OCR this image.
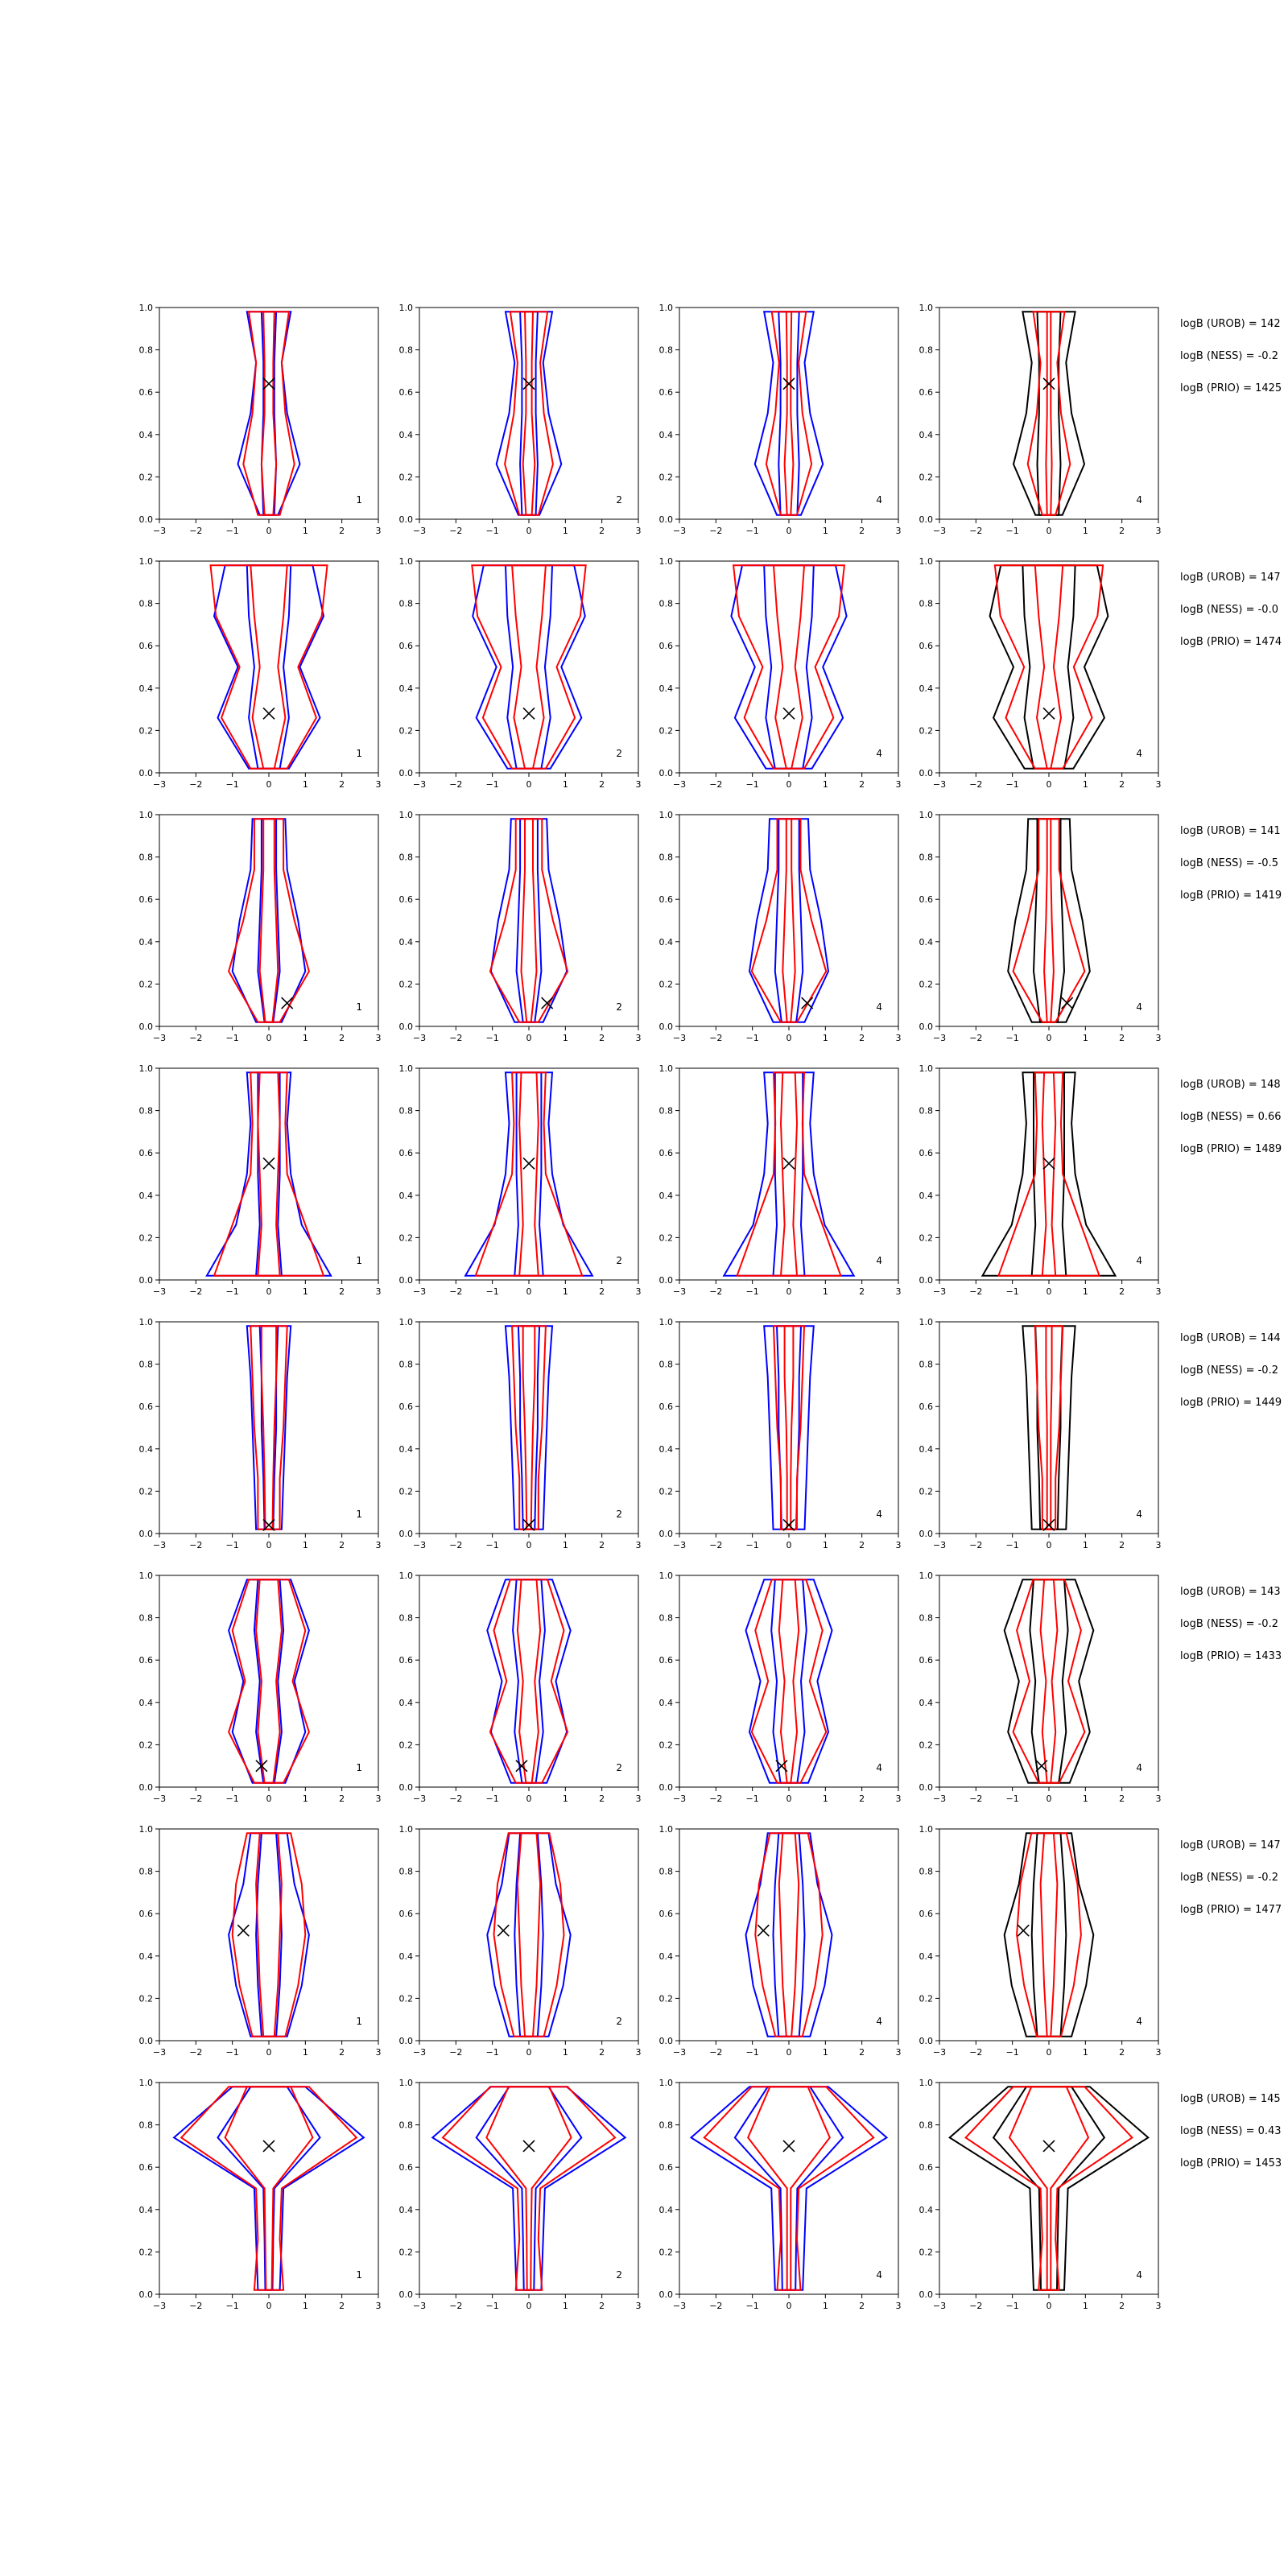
−3	−2	−1	0	1	2	3
0.0
0.2
0.4
0.6
0.8
1.0
1
−3	−2	−1	0	1	2	3
0.0
0.2
0.4
0.6
0.8
1.0
2
−3	−2	−1	0	1	2	3
0.0
0.2
0.4
0.6
0.8
1.0
4
−3	−2	−1	0	1	2	3
0.0
0.2
0.4
0.6
0.8
1.0
4
logB (UROB) = 142
logB (NESS) = -0.2
logB (PRIO) = 1425
−3	−2	−1	0	1	2	3
0.0
0.2
0.4
0.6
0.8
1.0
1
−3	−2	−1	0	1	2	3
0.0
0.2
0.4
0.6
0.8
1.0
2
−3	−2	−1	0	1	2	3
0.0
0.2
0.4
0.6
0.8
1.0
4
−3	−2	−1	0	1	2	3
0.0
0.2
0.4
0.6
0.8
1.0
4
logB (UROB) = 147
logB (NESS) = -0.0
logB (PRIO) = 1474
−3	−2	−1	0	1	2	3
0.0
0.2
0.4
0.6
0.8
1.0
1
−3	−2	−1	0	1	2	3
0.0
0.2
0.4
0.6
0.8
1.0
2
−3	−2	−1	0	1	2	3
0.0
0.2
0.4
0.6
0.8
1.0
4
−3	−2	−1	0	1	2	3
0.0
0.2
0.4
0.6
0.8
1.0
4
logB (UROB) = 141
logB (NESS) = -0.5
logB (PRIO) = 1419
−3	−2	−1	0	1	2	3
0.0
0.2
0.4
0.6
0.8
1.0
1
−3	−2	−1	0	1	2	3
0.0
0.2
0.4
0.6
0.8
1.0
2
−3	−2	−1	0	1	2	3
0.0
0.2
0.4
0.6
0.8
1.0
4
−3	−2	−1	0	1	2	3
0.0
0.2
0.4
0.6
0.8
1.0
4
logB (UROB) = 148
logB (NESS) = 0.66
logB (PRIO) = 1489
−3	−2	−1	0	1	2	3
0.0
0.2
0.4
0.6
0.8
1.0
1
−3	−2	−1	0	1	2	3
0.0
0.2
0.4
0.6
0.8
1.0
2
−3	−2	−1	0	1	2	3
0.0
0.2
0.4
0.6
0.8
1.0
4
−3	−2	−1	0	1	2	3
0.0
0.2
0.4
0.6
0.8
1.0
4
logB (UROB) = 144
logB (NESS) = -0.2
logB (PRIO) = 1449
−3	−2	−1	0	1	2	3
0.0
0.2
0.4
0.6
0.8
1.0
1
−3	−2	−1	0	1	2	3
0.0
0.2
0.4
0.6
0.8
1.0
2
−3	−2	−1	0	1	2	3
0.0
0.2
0.4
0.6
0.8
1.0
4
−3	−2	−1	0	1	2	3
0.0
0.2
0.4
0.6
0.8
1.0
4
logB (UROB) = 143
logB (NESS) = -0.2
logB (PRIO) = 1433
−3	−2	−1	0	1	2	3
0.0
0.2
0.4
0.6
0.8
1.0
1
−3	−2	−1	0	1	2	3
0.0
0.2
0.4
0.6
0.8
1.0
2
−3	−2	−1	0	1	2	3
0.0
0.2
0.4
0.6
0.8
1.0
4
−3	−2	−1	0	1	2	3
0.0
0.2
0.4
0.6
0.8
1.0
4
logB (UROB) = 147
logB (NESS) = -0.2
logB (PRIO) = 1477
−3	−2	−1	0	1	2	3
0.0
0.2
0.4
0.6
0.8
1.0
1
−3	−2	−1	0	1	2	3
0.0
0.2
0.4
0.6
0.8
1.0
2
−3	−2	−1	0	1	2	3
0.0
0.2
0.4
0.6
0.8
1.0
4
−3	−2	−1	0	1	2	3
0.0
0.2
0.4
0.6
0.8
1.0
4
logB (UROB) = 145
logB (NESS) = 0.43
logB (PRIO) = 1453
